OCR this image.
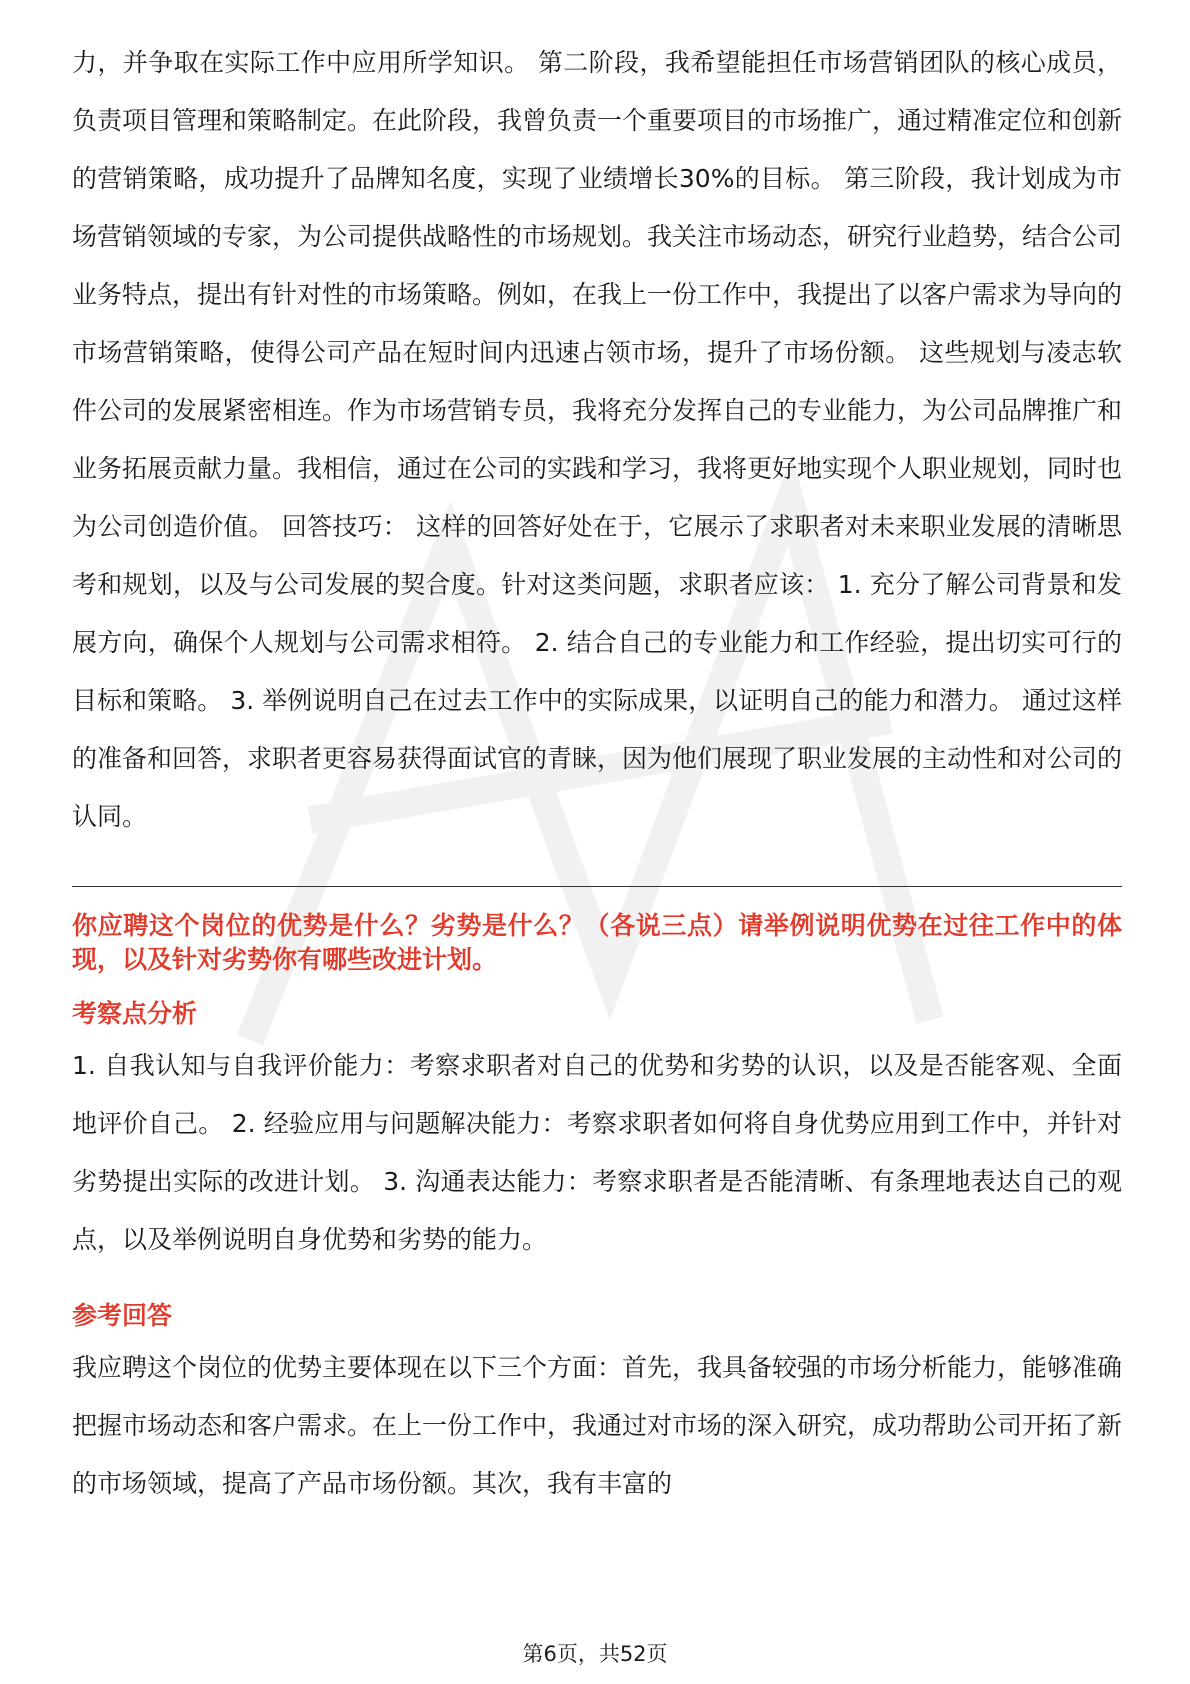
力，并争取在实际工作中应用所学知识。 第二阶段，我希望能担任市场营销团队的核心成员，负责项目管理和策略制定。在此阶段，我曾负责一个重要项目的市场推广，通过精准定位和创新的营销策略，成功提升了品牌知名度，实现了业绩增长30%的目标。 第三阶段，我计划成为市场营销领域的专家，为公司提供战略性的市场规划。我关注市场动态，研究行业趋势，结合公司业务特点，提出有针对性的市场策略。例如，在我上一份工作中，我提出了以客户需求为导向的市场营销策略，使得公司产品在短时间内迅速占领市场，提升了市场份额。 这些规划与凌志软件公司的发展紧密相连。作为市场营销专员，我将充分发挥自己的专业能力，为公司品牌推广和业务拓展贡献力量。我相信，通过在公司的实践和学习，我将更好地实现个人职业规划，同时也为公司创造价值。 回答技巧： 这样的回答好处在于，它展示了求职者对未来职业发展的清晰思考和规划，以及与公司发展的契合度。针对这类问题，求职者应该： 1. 充分了解公司背景和发展方向，确保个人规划与公司需求相符。 2. 结合自己的专业能力和工作经验，提出切实可行的目标和策略。 3. 举例说明自己在过去工作中的实际成果，以证明自己的能力和潜力。 通过这样的准备和回答，求职者更容易获得面试官的青睐，因为他们展现了职业发展的主动性和对公司的认同。

你应聘这个岗位的优势是什么？劣势是什么？（各说三点）请举例说明优势在过往工作中的体现，以及针对劣势你有哪些改进计划。

考察点分析

1. 自我认知与自我评价能力：考察求职者对自己的优势和劣势的认识，以及是否能客观、全面地评价自己。 2. 经验应用与问题解决能力：考察求职者如何将自身优势应用到工作中，并针对劣势提出实际的改进计划。 3. 沟通表达能力：考察求职者是否能清晰、有条理地表达自己的观点，以及举例说明自身优势和劣势的能力。

参考回答

我应聘这个岗位的优势主要体现在以下三个方面：首先，我具备较强的市场分析能力，能够准确把握市场动态和客户需求。在上一份工作中，我通过对市场的深入研究，成功帮助公司开拓了新的市场领域，提高了产品市场份额。其次，我有丰富的

第6页，共52页
